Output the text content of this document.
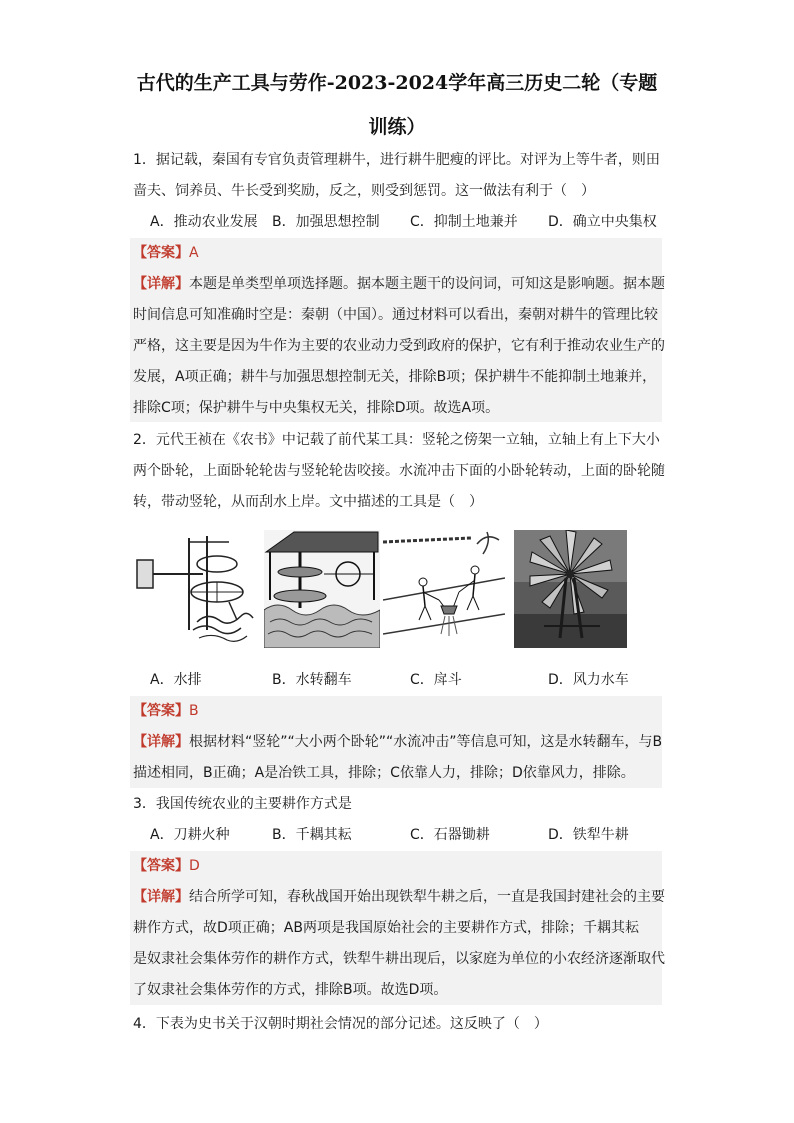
古代的生产工具与劳作-2023-2024学年高三历史二轮（专题
训练）
1．据记载，秦国有专官负责管理耕牛，进行耕牛肥瘦的评比。对评为上等牛者，则田
啬夫、饲养员、牛长受到奖励，反之，则受到惩罚。这一做法有利于（　）
A．推动农业发展 B．加强思想控制 C．抑制土地兼并 D．确立中央集权
【答案】A
【详解】本题是单类型单项选择题。据本题主题干的设问词，可知这是影响题。据本题
时间信息可知准确时空是：秦朝（中国）。通过材料可以看出，秦朝对耕牛的管理比较
严格，这主要是因为牛作为主要的农业动力受到政府的保护，它有利于推动农业生产的
发展，A项正确；耕牛与加强思想控制无关，排除B项；保护耕牛不能抑制土地兼并，
排除C项；保护耕牛与中央集权无关，排除D项。故选A项。
2．元代王祯在《农书》中记载了前代某工具：竖轮之傍架一立轴，立轴上有上下大小
两个卧轮，上面卧轮轮齿与竖轮轮齿咬接。水流冲击下面的小卧轮转动，上面的卧轮随
转，带动竖轮，从而刮水上岸。文中描述的工具是（　）
A．水排	B．水转翻车	C．戽斗	D．风力水车
【答案】B
【详解】根据材料“竖轮”“大小两个卧轮”“水流冲击”等信息可知，这是水转翻车，与B
描述相同，B正确；A是冶铁工具，排除；C依靠人力，排除；D依靠风力，排除。
3．我国传统农业的主要耕作方式是
A．刀耕火种	B．千耦其耘	C．石器锄耕	D．铁犁牛耕
【答案】D
【详解】结合所学可知，春秋战国开始出现铁犁牛耕之后，一直是我国封建社会的主要
耕作方式，故D项正确；AB两项是我国原始社会的主要耕作方式，排除；千耦其耘
是奴隶社会集体劳作的耕作方式，铁犁牛耕出现后，以家庭为单位的小农经济逐渐取代
了奴隶社会集体劳作的方式，排除B项。故选D项。
4．下表为史书关于汉朝时期社会情况的部分记述。这反映了（　）
